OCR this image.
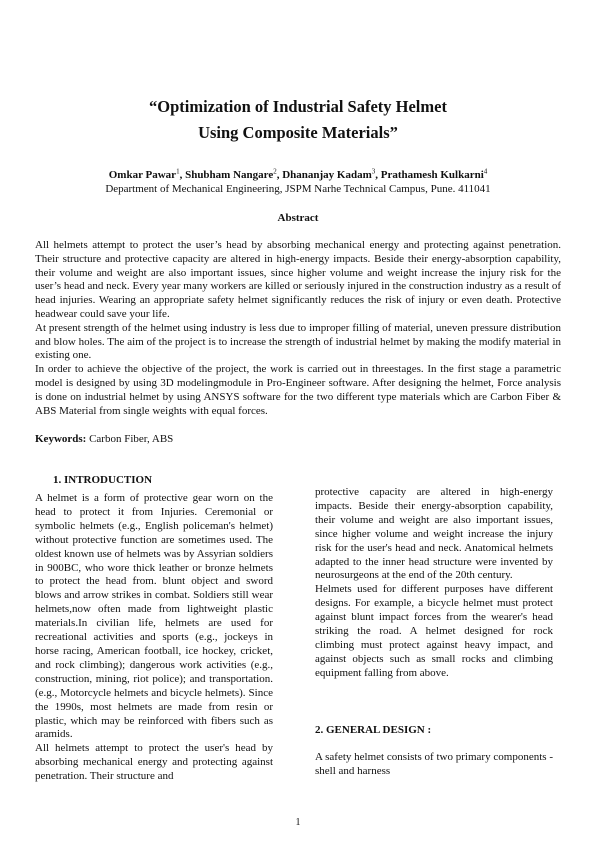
“Optimization of Industrial Safety Helmet
Using Composite Materials”
Omkar Pawar$^1$, Shubham Nangare$^2$, Dhananjay Kadam$^3$, Prathamesh Kulkarni$^4$
Department of Mechanical Engineering, JSPM Narhe Technical Campus, Pune. 411041
Abstract

All helmets attempt to protect the user’s head by absorbing mechanical energy and protecting against penetration. Their structure and protective capacity are altered in high-energy impacts. Beside their energy-absorption capability, their volume and weight are also important issues, since higher volume and weight increase the injury risk for the user’s head and neck. Every year many workers are killed or seriously injured in the construction industry as a result of head injuries. Wearing an appropriate safety helmet significantly reduces the risk of injury or even death. Protective headwear could save your life.

At present strength of the helmet using industry is less due to improper filling of material, uneven pressure distribution and blow holes. The aim of the project is to increase the strength of industrial helmet by making the modify material in existing one.

In order to achieve the objective of the project, the work is carried out in threestages. In the first stage a parametric model is designed by using 3D modelingmodule in Pro-Engineer software. After designing the helmet, Force analysis is done on industrial helmet by using ANSYS software for the two different type materials which are Carbon Fiber & ABS Material from single weights with equal forces.

Keywords: Carbon Fiber, ABS
1. INTRODUCTION

A helmet is a form of protective gear worn on the head to protect it from Injuries. Ceremonial or symbolic helmets (e.g., English policeman's helmet) without protective function are sometimes used. The oldest known use of helmets was by Assyrian soldiers in 900BC, who wore thick leather or bronze helmets to protect the head from. blunt object and sword blows and arrow strikes in combat. Soldiers still wear helmets,now often made from lightweight plastic materials.In civilian life, helmets are used for recreational activities and sports (e.g., jockeys in horse racing, American football, ice hockey, cricket, and rock climbing); dangerous work activities (e.g., construction, mining, riot police); and transportation. (e.g., Motorcycle helmets and bicycle helmets). Since the 1990s, most helmets are made from resin or plastic, which may be reinforced with fibers such as aramids.

All helmets attempt to protect the user's head by absorbing mechanical energy and protecting against penetration. Their structure and

protective capacity are altered in high-energy impacts. Beside their energy-absorption capability, their volume and weight are also important issues, since higher volume and weight increase the injury risk for the user's head and neck. Anatomical helmets adapted to the inner head structure were invented by neurosurgeons at the end of the 20th century.

Helmets used for different purposes have different designs. For example, a bicycle helmet must protect against blunt impact forces from the wearer's head striking the road. A helmet designed for rock climbing must protect against heavy impact, and against objects such as small rocks and climbing equipment falling from above.

2. GENERAL DESIGN :
A safety helmet consists of two primary components - shell and harness
1
